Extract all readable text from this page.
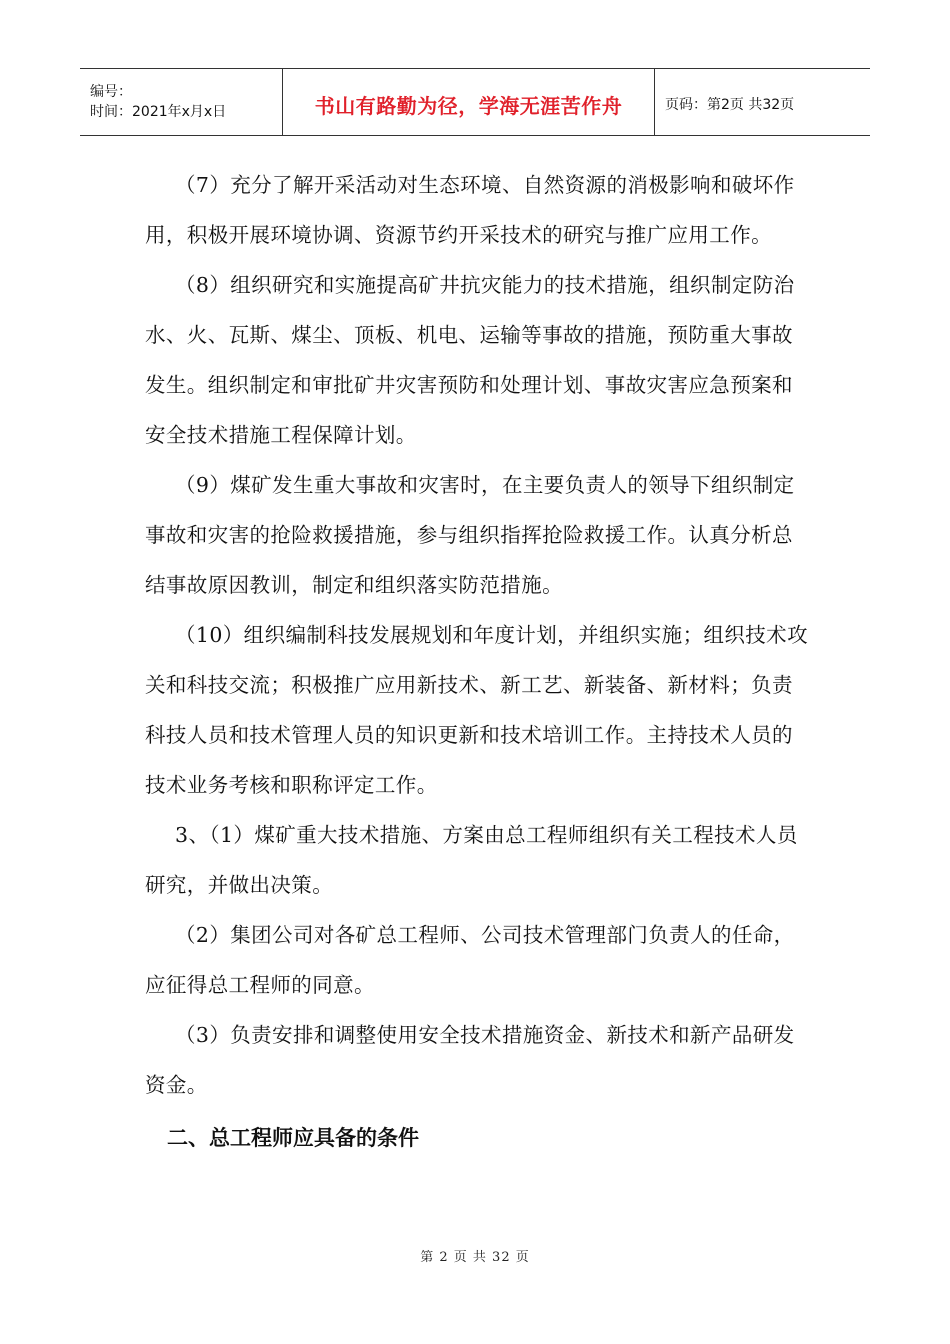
编号：
时间：2021年x月x日	书山有路勤为径，学海无涯苦作舟	页码：第2页 共32页

（7）充分了解开采活动对生态环境、自然资源的消极影响和破坏作用，积极开展环境协调、资源节约开采技术的研究与推广应用工作。

（8）组织研究和实施提高矿井抗灾能力的技术措施，组织制定防治水、火、瓦斯、煤尘、顶板、机电、运输等事故的措施，预防重大事故发生。组织制定和审批矿井灾害预防和处理计划、事故灾害应急预案和安全技术措施工程保障计划。

（9）煤矿发生重大事故和灾害时，在主要负责人的领导下组织制定事故和灾害的抢险救援措施，参与组织指挥抢险救援工作。认真分析总结事故原因教训，制定和组织落实防范措施。

（10）组织编制科技发展规划和年度计划，并组织实施；组织技术攻关和科技交流；积极推广应用新技术、新工艺、新装备、新材料；负责科技人员和技术管理人员的知识更新和技术培训工作。主持技术人员的技术业务考核和职称评定工作。

3、（1）煤矿重大技术措施、方案由总工程师组织有关工程技术人员研究，并做出决策。

（2）集团公司对各矿总工程师、公司技术管理部门负责人的任命，应征得总工程师的同意。

（3）负责安排和调整使用安全技术措施资金、新技术和新产品研发资金。

二、总工程师应具备的条件

第 2 页 共 32 页
